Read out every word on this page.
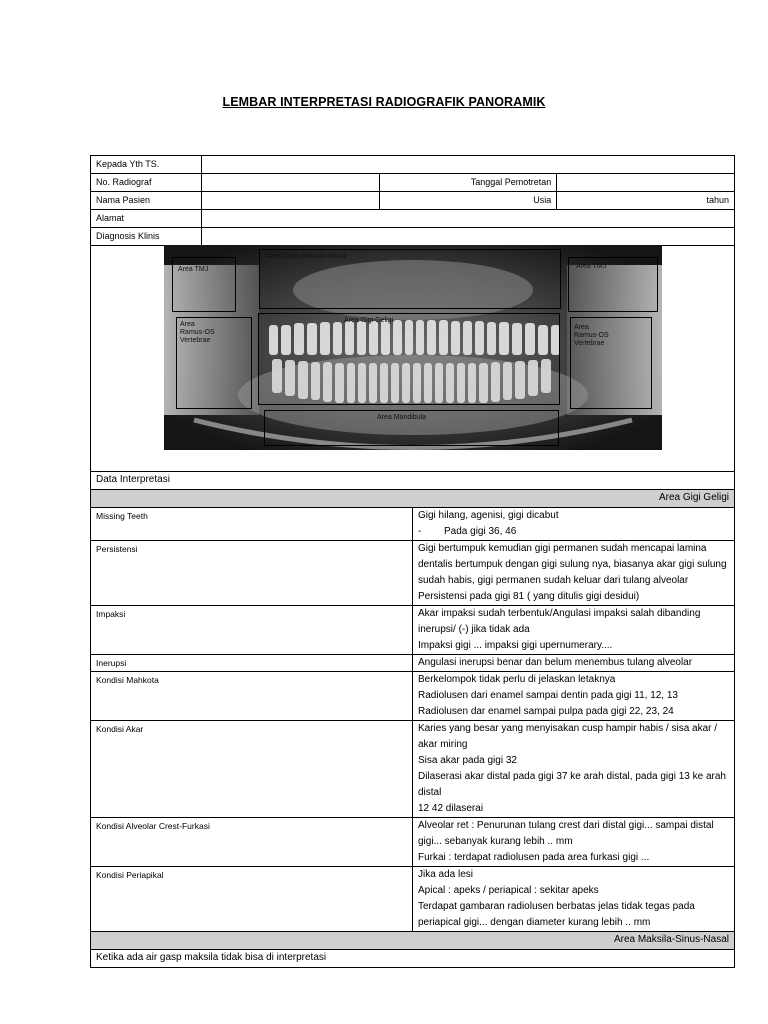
LEMBAR INTERPRETASI RADIOGRAFIK PANORAMIK
Kepada Yth TS.			
No. Radiograf		Tanggal Pemotretan	
Nama Pasien		Usia	tahun
Alamat			
Diagnosis Klinis			
Area TMJ
Area Sinus-Maksila-Nasal
Area TMJ
Area
Ramus-OS
Vertebrae
Area Gigi Geligi
Area
Ramus-OS
Vertebrae
Area Mandibula
Data Interpretasi	
Area Gigi Geligi	
Missing Teeth	Gigi hilang, agenisi, gigi dicabut
- Pada gigi 36, 46

Persistensi	Gigi bertumpuk kemudian gigi permanen sudah mencapai lamina dentalis bertumpuk dengan gigi sulung nya, biasanya akar gigi sulung sudah habis, gigi permanen sudah keluar dari tulang alveolar
Persistensi pada gigi 81 ( yang ditulis gigi desidui)

Impaksi	Akar impaksi sudah terbentuk/Angulasi impaksi salah dibanding inerupsi/ (-) jika tidak ada
Impaksi gigi ... impaksi gigi upernumerary....

Inerupsi	Angulasi inerupsi benar dan belum menembus tulang alveolar

Kondisi Mahkota	Berkelompok tidak perlu di jelaskan letaknya
Radiolusen dari enamel sampai dentin pada gigi 11, 12, 13
Radiolusen dar enamel sampai pulpa pada gigi 22, 23, 24

Kondisi Akar	Karies yang besar yang menyisakan cusp hampir habis / sisa akar / akar miring
Sisa akar pada gigi 32
Dilaserasi akar distal pada gigi 37 ke arah distal, pada gigi 13 ke arah distal
12 42 dilaserai

Kondisi Alveolar Crest-Furkasi	Alveolar ret : Penurunan tulang crest dari distal gigi... sampai distal gigi... sebanyak kurang lebih .. mm
Furkai : terdapat radiolusen pada area furkasi gigi ...

Kondisi Periapikal	Jika ada lesi
Apical : apeks / periapical : sekitar apeks
Terdapat gambaran radiolusen berbatas jelas tidak tegas pada periapical gigi... dengan diameter kurang lebih .. mm

Area Maksila-Sinus-Nasal	
Ketika ada air gasp maksila tidak bisa di interpretasi	
